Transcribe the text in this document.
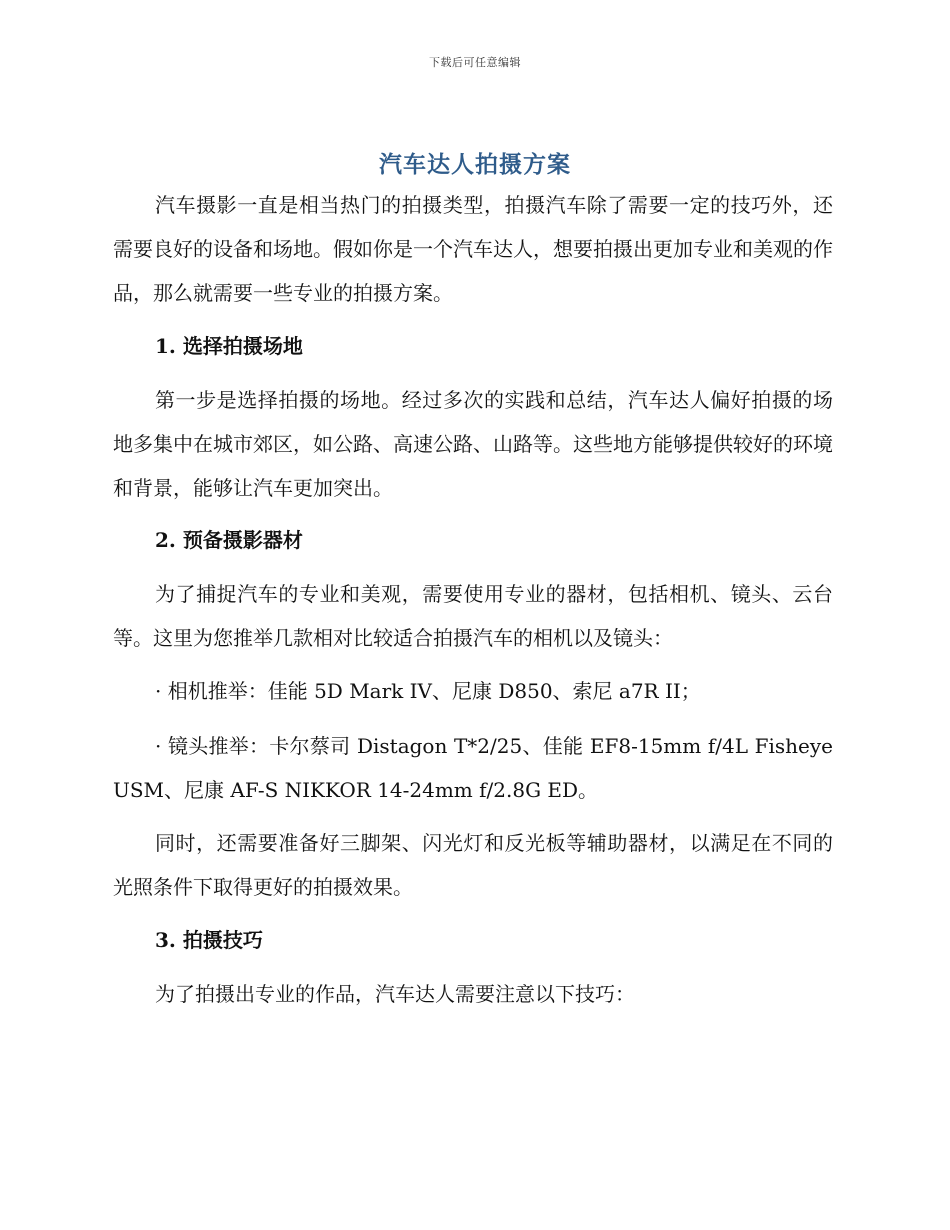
下载后可任意编辑
汽车达人拍摄方案

汽车摄影一直是相当热门的拍摄类型，拍摄汽车除了需要一定的技巧外，还需要良好的设备和场地。假如你是一个汽车达人，想要拍摄出更加专业和美观的作品，那么就需要一些专业的拍摄方案。

1. 选择拍摄场地

第一步是选择拍摄的场地。经过多次的实践和总结，汽车达人偏好拍摄的场地多集中在城市郊区，如公路、高速公路、山路等。这些地方能够提供较好的环境和背景，能够让汽车更加突出。

2. 预备摄影器材

为了捕捉汽车的专业和美观，需要使用专业的器材，包括相机、镜头、云台等。这里为您推举几款相对比较适合拍摄汽车的相机以及镜头：

· 相机推举：佳能 5D Mark IV、尼康 D850、索尼 a7R II；

· 镜头推举：卡尔蔡司 Distagon T*2/25、佳能 EF8-15mm f/4L Fisheye USM、尼康 AF-S NIKKOR 14-24mm f/2.8G ED。

同时，还需要准备好三脚架、闪光灯和反光板等辅助器材，以满足在不同的光照条件下取得更好的拍摄效果。

3. 拍摄技巧

为了拍摄出专业的作品，汽车达人需要注意以下技巧：
